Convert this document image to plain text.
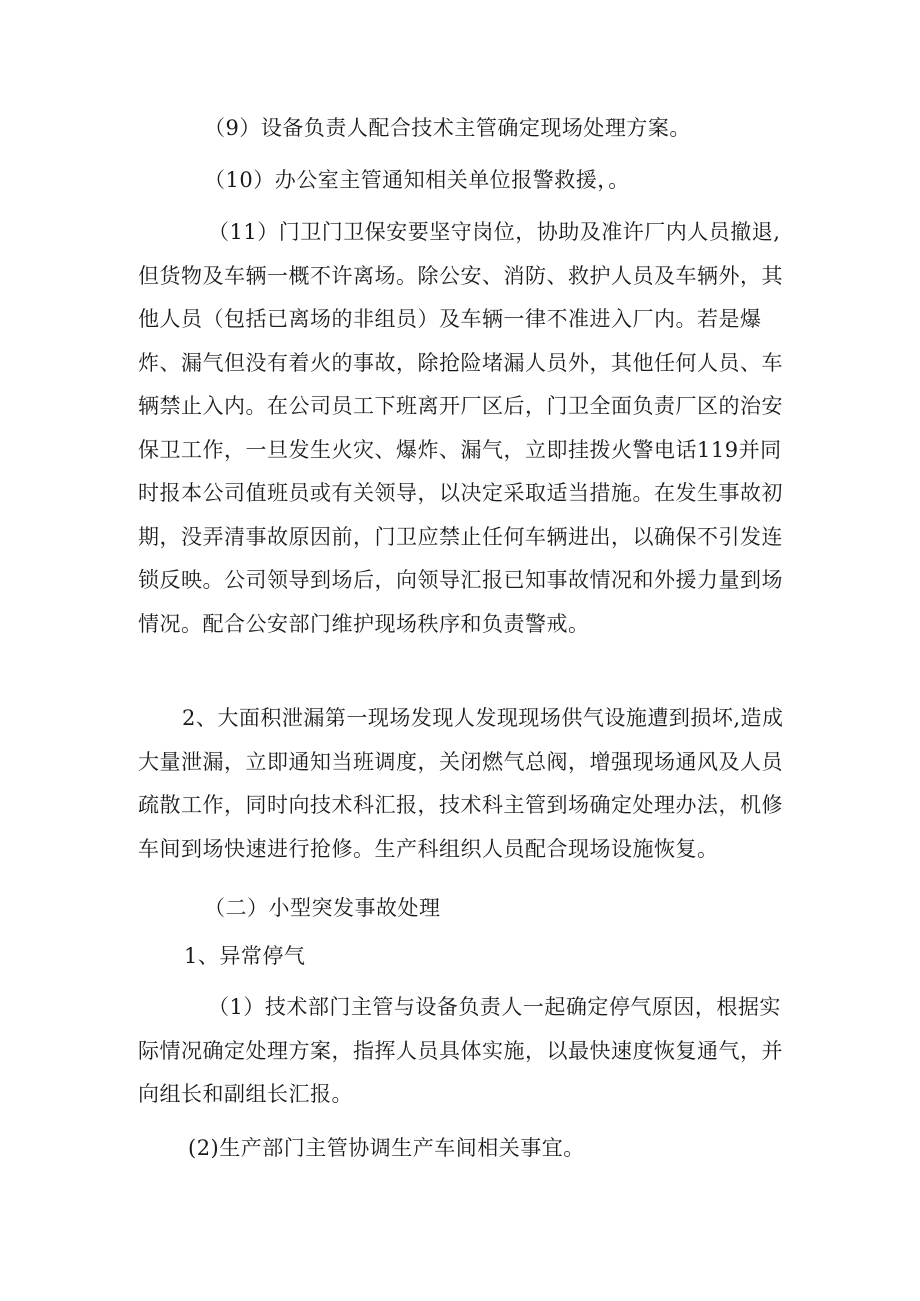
（9）设备负责人配合技术主管确定现场处理方案。

（10）办公室主管通知相关单位报警救援，。

（11）门卫门卫保安要坚守岗位，协助及准许厂内人员撤退,但货物及车辆一概不许离场。除公安、消防、救护人员及车辆外，其他人员（包括已离场的非组员）及车辆一律不准进入厂内。若是爆炸、漏气但没有着火的事故，除抢险堵漏人员外，其他任何人员、车辆禁止入内。在公司员工下班离开厂区后，门卫全面负责厂区的治安保卫工作，一旦发生火灾、爆炸、漏气，立即挂拨火警电话119并同时报本公司值班员或有关领导，以决定采取适当措施。在发生事故初期，没弄清事故原因前，门卫应禁止任何车辆进出，以确保不引发连锁反映。公司领导到场后，向领导汇报已知事故情况和外援力量到场情况。配合公安部门维护现场秩序和负责警戒。

2、大面积泄漏第一现场发现人发现现场供气设施遭到损坏,造成大量泄漏，立即通知当班调度，关闭燃气总阀，增强现场通风及人员疏散工作，同时向技术科汇报，技术科主管到场确定处理办法，机修车间到场快速进行抢修。生产科组织人员配合现场设施恢复。

（二）小型突发事故处理

1、异常停气

（1）技术部门主管与设备负责人一起确定停气原因，根据实际情况确定处理方案，指挥人员具体实施，以最快速度恢复通气，并向组长和副组长汇报。

(2)生产部门主管协调生产车间相关事宜。
